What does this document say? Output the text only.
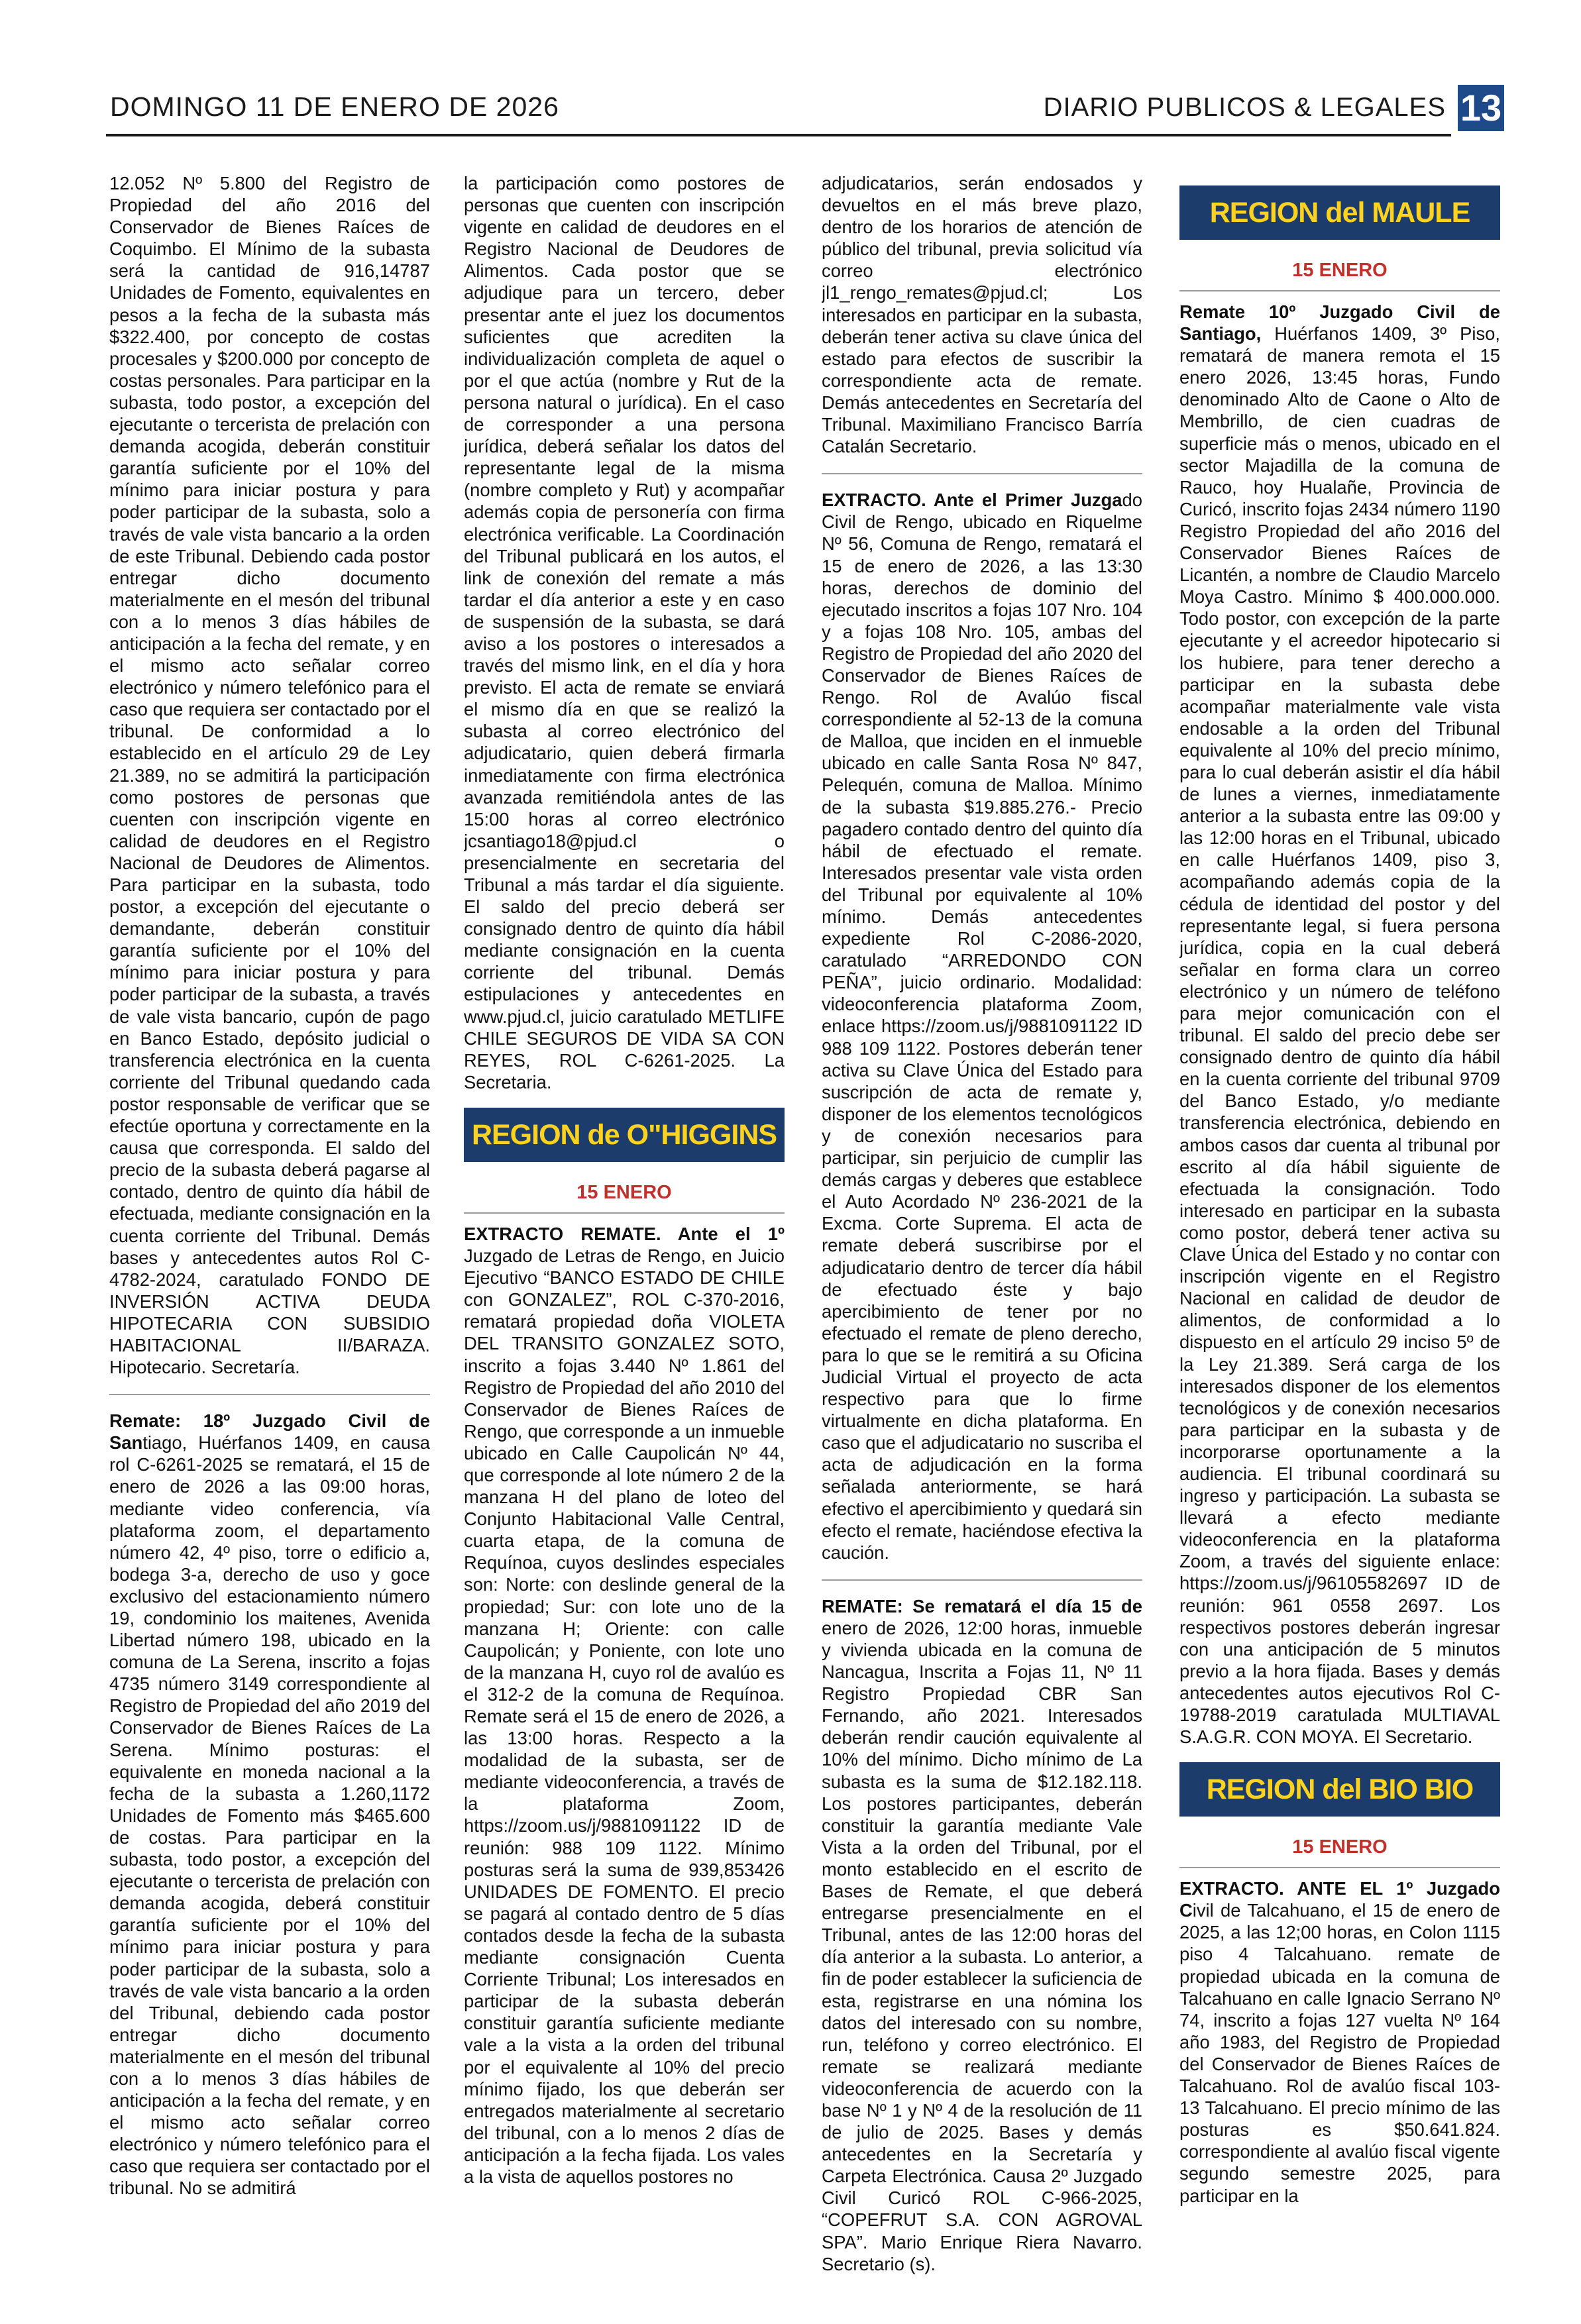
DOMINGO 11 DE ENERO DE 2026	DIARIO PUBLICOS & LEGALES 13

12.052 Nº 5.800 del Registro de Propiedad del año 2016 del Conservador de Bienes Raíces de Coquimbo. El Mínimo de la subasta será la cantidad de 916,14787 Unidades de Fomento, equivalentes en pesos a la fecha de la subasta más $322.400, por concepto de costas procesales y $200.000 por concepto de costas personales. Para participar en la subasta, todo postor, a excepción del ejecutante o tercerista de prelación con demanda acogida, deberán constituir garantía suficiente por el 10% del mínimo para iniciar postura y para poder participar de la subasta, solo a través de vale vista bancario a la orden de este Tribunal. Debiendo cada postor entregar dicho documento materialmente en el mesón del tribunal con a lo menos 3 días hábiles de anticipación a la fecha del remate, y en el mismo acto señalar correo electrónico y número telefónico para el caso que requiera ser contactado por el tribunal. De conformidad a lo establecido en el artículo 29 de Ley 21.389, no se admitirá la participación como postores de personas que cuenten con inscripción vigente en calidad de deudores en el Registro Nacional de Deudores de Alimentos. Para participar en la subasta, todo postor, a excepción del ejecutante o demandante, deberán constituir garantía suficiente por el 10% del mínimo para iniciar postura y para poder participar de la subasta, a través de vale vista bancario, cupón de pago en Banco Estado, depósito judicial o transferencia electrónica en la cuenta corriente del Tribunal quedando cada postor responsable de verificar que se efectúe oportuna y correctamente en la causa que corresponda. El saldo del precio de la subasta deberá pagarse al contado, dentro de quinto día hábil de efectuada, mediante consignación en la cuenta corriente del Tribunal. Demás bases y antecedentes autos Rol C-4782-2024, caratulado FONDO DE INVERSIÓN ACTIVA DEUDA HIPOTECARIA CON SUBSIDIO HABITACIONAL II/BARAZA. Hipotecario. Secretaría.

Remate: 18º Juzgado Civil de Santiago, Huérfanos 1409, en causa rol C-6261-2025 se rematará, el 15 de enero de 2026 a las 09:00 horas, mediante video conferencia, vía plataforma zoom, el departamento número 42, 4º piso, torre o edificio a, bodega 3-a, derecho de uso y goce exclusivo del estacionamiento número 19, condominio los maitenes, Avenida Libertad número 198, ubicado en la comuna de La Serena, inscrito a fojas 4735 número 3149 correspondiente al Registro de Propiedad del año 2019 del Conservador de Bienes Raíces de La Serena. Mínimo posturas: el equivalente en moneda nacional a la fecha de la subasta a 1.260,1172 Unidades de Fomento más $465.600 de costas. Para participar en la subasta, todo postor, a excepción del ejecutante o tercerista de prelación con demanda acogida, deberá constituir garantía suficiente por el 10% del mínimo para iniciar postura y para poder participar de la subasta, solo a través de vale vista bancario a la orden del Tribunal, debiendo cada postor entregar dicho documento materialmente en el mesón del tribunal con a lo menos 3 días hábiles de anticipación a la fecha del remate, y en el mismo acto señalar correo electrónico y número telefónico para el caso que requiera ser contactado por el tribunal. No se admitirá

la participación como postores de personas que cuenten con inscripción vigente en calidad de deudores en el Registro Nacional de Deudores de Alimentos. Cada postor que se adjudique para un tercero, deber presentar ante el juez los documentos suficientes que acrediten la individualización completa de aquel o por el que actúa (nombre y Rut de la persona natural o jurídica). En el caso de corresponder a una persona jurídica, deberá señalar los datos del representante legal de la misma (nombre completo y Rut) y acompañar además copia de personería con firma electrónica verificable. La Coordinación del Tribunal publicará en los autos, el link de conexión del remate a más tardar el día anterior a este y en caso de suspensión de la subasta, se dará aviso a los postores o interesados a través del mismo link, en el día y hora previsto. El acta de remate se enviará el mismo día en que se realizó la subasta al correo electrónico del adjudicatario, quien deberá firmarla inmediatamente con firma electrónica avanzada remitiéndola antes de las 15:00 horas al correo electrónico jcsantiago18@pjud.cl o presencialmente en secretaria del Tribunal a más tardar el día siguiente. El saldo del precio deberá ser consignado dentro de quinto día hábil mediante consignación en la cuenta corriente del tribunal. Demás estipulaciones y antecedentes en www.pjud.cl, juicio caratulado METLIFE CHILE SEGUROS DE VIDA SA CON REYES, ROL C-6261-2025. La Secretaria.

REGION de O"HIGGINS
15 ENERO

EXTRACTO REMATE. Ante el 1º Juzgado de Letras de Rengo, en Juicio Ejecutivo “BANCO ESTADO DE CHILE con GONZALEZ”, ROL C-370-2016, rematará propiedad doña VIOLETA DEL TRANSITO GONZALEZ SOTO, inscrito a fojas 3.440 Nº 1.861 del Registro de Propiedad del año 2010 del Conservador de Bienes Raíces de Rengo, que corresponde a un inmueble ubicado en Calle Caupolicán Nº 44, que corresponde al lote número 2 de la manzana H del plano de loteo del Conjunto Habitacional Valle Central, cuarta etapa, de la comuna de Requínoa, cuyos deslindes especiales son: Norte: con deslinde general de la propiedad; Sur: con lote uno de la manzana H; Oriente: con calle Caupolicán; y Poniente, con lote uno de la manzana H, cuyo rol de avalúo es el 312-2 de la comuna de Requínoa. Remate será el 15 de enero de 2026, a las 13:00 horas. Respecto a la modalidad de la subasta, ser de mediante videoconferencia, a través de la plataforma Zoom, https://zoom.us/j/9881091122 ID de reunión: 988 109 1122. Mínimo posturas será la suma de 939,853426 UNIDADES DE FOMENTO. El precio se pagará al contado dentro de 5 días contados desde la fecha de la subasta mediante consignación Cuenta Corriente Tribunal; Los interesados en participar de la subasta deberán constituir garantía suficiente mediante vale a la vista a la orden del tribunal por el equivalente al 10% del precio mínimo fijado, los que deberán ser entregados materialmente al secretario del tribunal, con a lo menos 2 días de anticipación a la fecha fijada. Los vales a la vista de aquellos postores no

adjudicatarios, serán endosados y devueltos en el más breve plazo, dentro de los horarios de atención de público del tribunal, previa solicitud vía correo electrónico jl1_rengo_remates@pjud.cl; Los interesados en participar en la subasta, deberán tener activa su clave única del estado para efectos de suscribir la correspondiente acta de remate. Demás antecedentes en Secretaría del Tribunal. Maximiliano Francisco Barría Catalán Secretario.

EXTRACTO. Ante el Primer Juzgado Civil de Rengo, ubicado en Riquelme Nº 56, Comuna de Rengo, rematará el 15 de enero de 2026, a las 13:30 horas, derechos de dominio del ejecutado inscritos a fojas 107 Nro. 104 y a fojas 108 Nro. 105, ambas del Registro de Propiedad del año 2020 del Conservador de Bienes Raíces de Rengo. Rol de Avalúo fiscal correspondiente al 52-13 de la comuna de Malloa, que inciden en el inmueble ubicado en calle Santa Rosa Nº 847, Pelequén, comuna de Malloa. Mínimo de la subasta $19.885.276.- Precio pagadero contado dentro del quinto día hábil de efectuado el remate. Interesados presentar vale vista orden del Tribunal por equivalente al 10% mínimo. Demás antecedentes expediente Rol C-2086-2020, caratulado “ARREDONDO CON PEÑA”, juicio ordinario. Modalidad: videoconferencia plataforma Zoom, enlace https://zoom.us/j/9881091122 ID 988 109 1122. Postores deberán tener activa su Clave Única del Estado para suscripción de acta de remate y, disponer de los elementos tecnológicos y de conexión necesarios para participar, sin perjuicio de cumplir las demás cargas y deberes que establece el Auto Acordado Nº 236-2021 de la Excma. Corte Suprema. El acta de remate deberá suscribirse por el adjudicatario dentro de tercer día hábil de efectuado éste y bajo apercibimiento de tener por no efectuado el remate de pleno derecho, para lo que se le remitirá a su Oficina Judicial Virtual el proyecto de acta respectivo para que lo firme virtualmente en dicha plataforma. En caso que el adjudicatario no suscriba el acta de adjudicación en la forma señalada anteriormente, se hará efectivo el apercibimiento y quedará sin efecto el remate, haciéndose efectiva la caución.

REMATE: Se rematará el día 15 de enero de 2026, 12:00 horas, inmueble y vivienda ubicada en la comuna de Nancagua, Inscrita a Fojas 11, Nº 11 Registro Propiedad CBR San Fernando, año 2021. Interesados deberán rendir caución equivalente al 10% del mínimo. Dicho mínimo de La subasta es la suma de $12.182.118. Los postores participantes, deberán constituir la garantía mediante Vale Vista a la orden del Tribunal, por el monto establecido en el escrito de Bases de Remate, el que deberá entregarse presencialmente en el Tribunal, antes de las 12:00 horas del día anterior a la subasta. Lo anterior, a fin de poder establecer la suficiencia de esta, registrarse en una nómina los datos del interesado con su nombre, run, teléfono y correo electrónico. El remate se realizará mediante videoconferencia de acuerdo con la base Nº 1 y Nº 4 de la resolución de 11 de julio de 2025. Bases y demás antecedentes en la Secretaría y Carpeta Electrónica. Causa 2º Juzgado Civil Curicó ROL C-966-2025, “COPEFRUT S.A. CON AGROVAL SPA”. Mario Enrique Riera Navarro. Secretario (s).

REGION del MAULE
15 ENERO

Remate 10º Juzgado Civil de Santiago, Huérfanos 1409, 3º Piso, rematará de manera remota el 15 enero 2026, 13:45 horas, Fundo denominado Alto de Caone o Alto de Membrillo, de cien cuadras de superficie más o menos, ubicado en el sector Majadilla de la comuna de Rauco, hoy Hualañe, Provincia de Curicó, inscrito fojas 2434 número 1190 Registro Propiedad del año 2016 del Conservador Bienes Raíces de Licantén, a nombre de Claudio Marcelo Moya Castro. Mínimo $ 400.000.000. Todo postor, con excepción de la parte ejecutante y el acreedor hipotecario si los hubiere, para tener derecho a participar en la subasta debe acompañar materialmente vale vista endosable a la orden del Tribunal equivalente al 10% del precio mínimo, para lo cual deberán asistir el día hábil de lunes a viernes, inmediatamente anterior a la subasta entre las 09:00 y las 12:00 horas en el Tribunal, ubicado en calle Huérfanos 1409, piso 3, acompañando además copia de la cédula de identidad del postor y del representante legal, si fuera persona jurídica, copia en la cual deberá señalar en forma clara un correo electrónico y un número de teléfono para mejor comunicación con el tribunal. El saldo del precio debe ser consignado dentro de quinto día hábil en la cuenta corriente del tribunal 9709 del Banco Estado, y/o mediante transferencia electrónica, debiendo en ambos casos dar cuenta al tribunal por escrito al día hábil siguiente de efectuada la consignación. Todo interesado en participar en la subasta como postor, deberá tener activa su Clave Única del Estado y no contar con inscripción vigente en el Registro Nacional en calidad de deudor de alimentos, de conformidad a lo dispuesto en el artículo 29 inciso 5º de la Ley 21.389. Será carga de los interesados disponer de los elementos tecnológicos y de conexión necesarios para participar en la subasta y de incorporarse oportunamente a la audiencia. El tribunal coordinará su ingreso y participación. La subasta se llevará a efecto mediante videoconferencia en la plataforma Zoom, a través del siguiente enlace: https://zoom.us/j/96105582697 ID de reunión: 961 0558 2697. Los respectivos postores deberán ingresar con una anticipación de 5 minutos previo a la hora fijada. Bases y demás antecedentes autos ejecutivos Rol C-19788-2019 caratulada MULTIAVAL S.A.G.R. CON MOYA. El Secretario.

REGION del BIO BIO
15 ENERO

EXTRACTO. ANTE EL 1º Juzgado Civil de Talcahuano, el 15 de enero de 2025, a las 12;00 horas, en Colon 1115 piso 4 Talcahuano. remate de propiedad ubicada en la comuna de Talcahuano en calle Ignacio Serrano Nº 74, inscrito a fojas 127 vuelta Nº 164 año 1983, del Registro de Propiedad del Conservador de Bienes Raíces de Talcahuano. Rol de avalúo fiscal 103-13 Talcahuano. El precio mínimo de las posturas es $50.641.824. correspondiente al avalúo fiscal vigente segundo semestre 2025, para participar en la
